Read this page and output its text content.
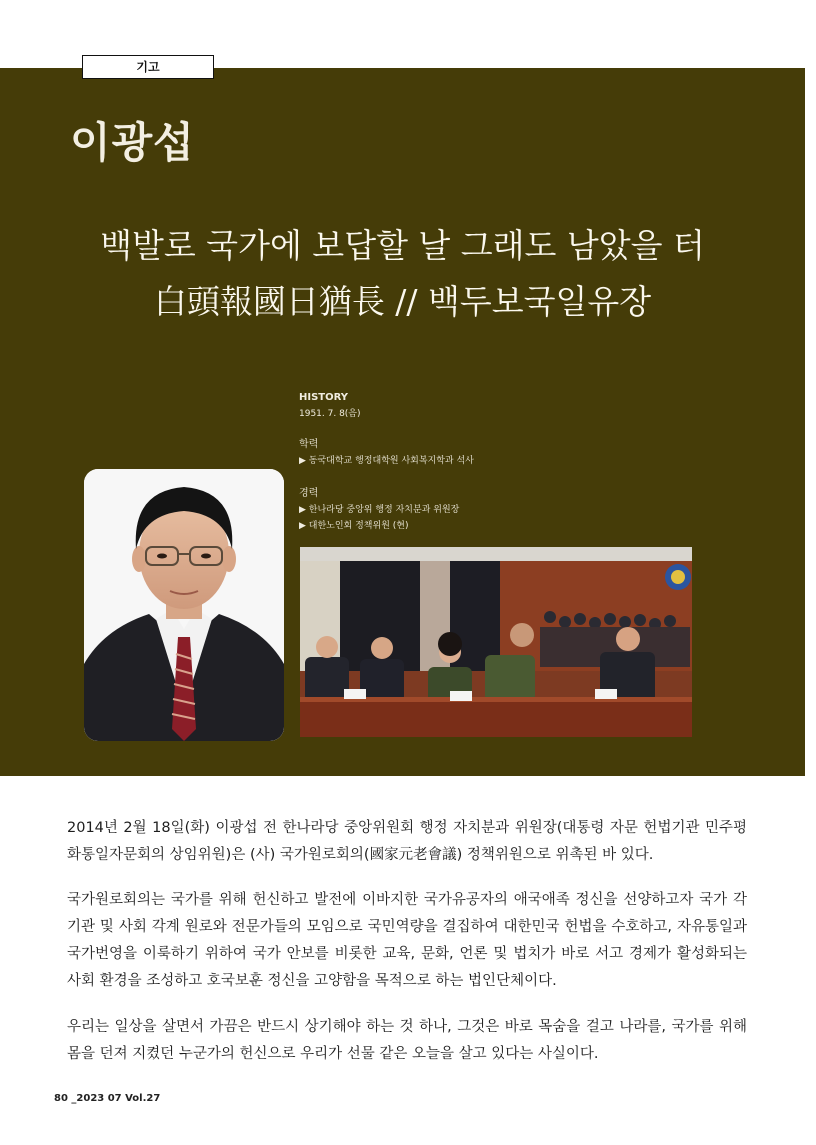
기고
이광섭
백발로 국가에 보답할 날 그래도 남았을 터
白頭報國日猶長 // 백두보국일유장

HISTORY

1951. 7. 8(음)

학력

▶ 동국대학교 행정대학원 사회복지학과 석사

경력

▶ 한나라당 중앙위 행정 자치분과 위원장

▶ 대한노인회 정책위원 (현)

2014년 2월 18일(화) 이광섭 전 한나라당 중앙위원회 행정 자치분과 위원장(대통령 자문 헌법기관 민주평화통일자문회의 상임위원)은 (사) 국가원로회의(國家元老會議) 정책위원으로 위촉된 바 있다.

국가원로회의는 국가를 위해 헌신하고 발전에 이바지한 국가유공자의 애국애족 정신을 선양하고자 국가 각 기관 및 사회 각계 원로와 전문가들의 모임으로 국민역량을 결집하여 대한민국 헌법을 수호하고, 자유통일과 국가번영을 이룩하기 위하여 국가 안보를 비롯한 교육, 문화, 언론 및 법치가 바로 서고 경제가 활성화되는 사회 환경을 조성하고 호국보훈 정신을 고양함을 목적으로 하는 법인단체이다.

우리는 일상을 살면서 가끔은 반드시 상기해야 하는 것 하나, 그것은 바로 목숨을 걸고 나라를, 국가를 위해 몸을 던져 지켰던 누군가의 헌신으로 우리가 선물 같은 오늘을 살고 있다는 사실이다.

80 _2023 07 Vol.27
